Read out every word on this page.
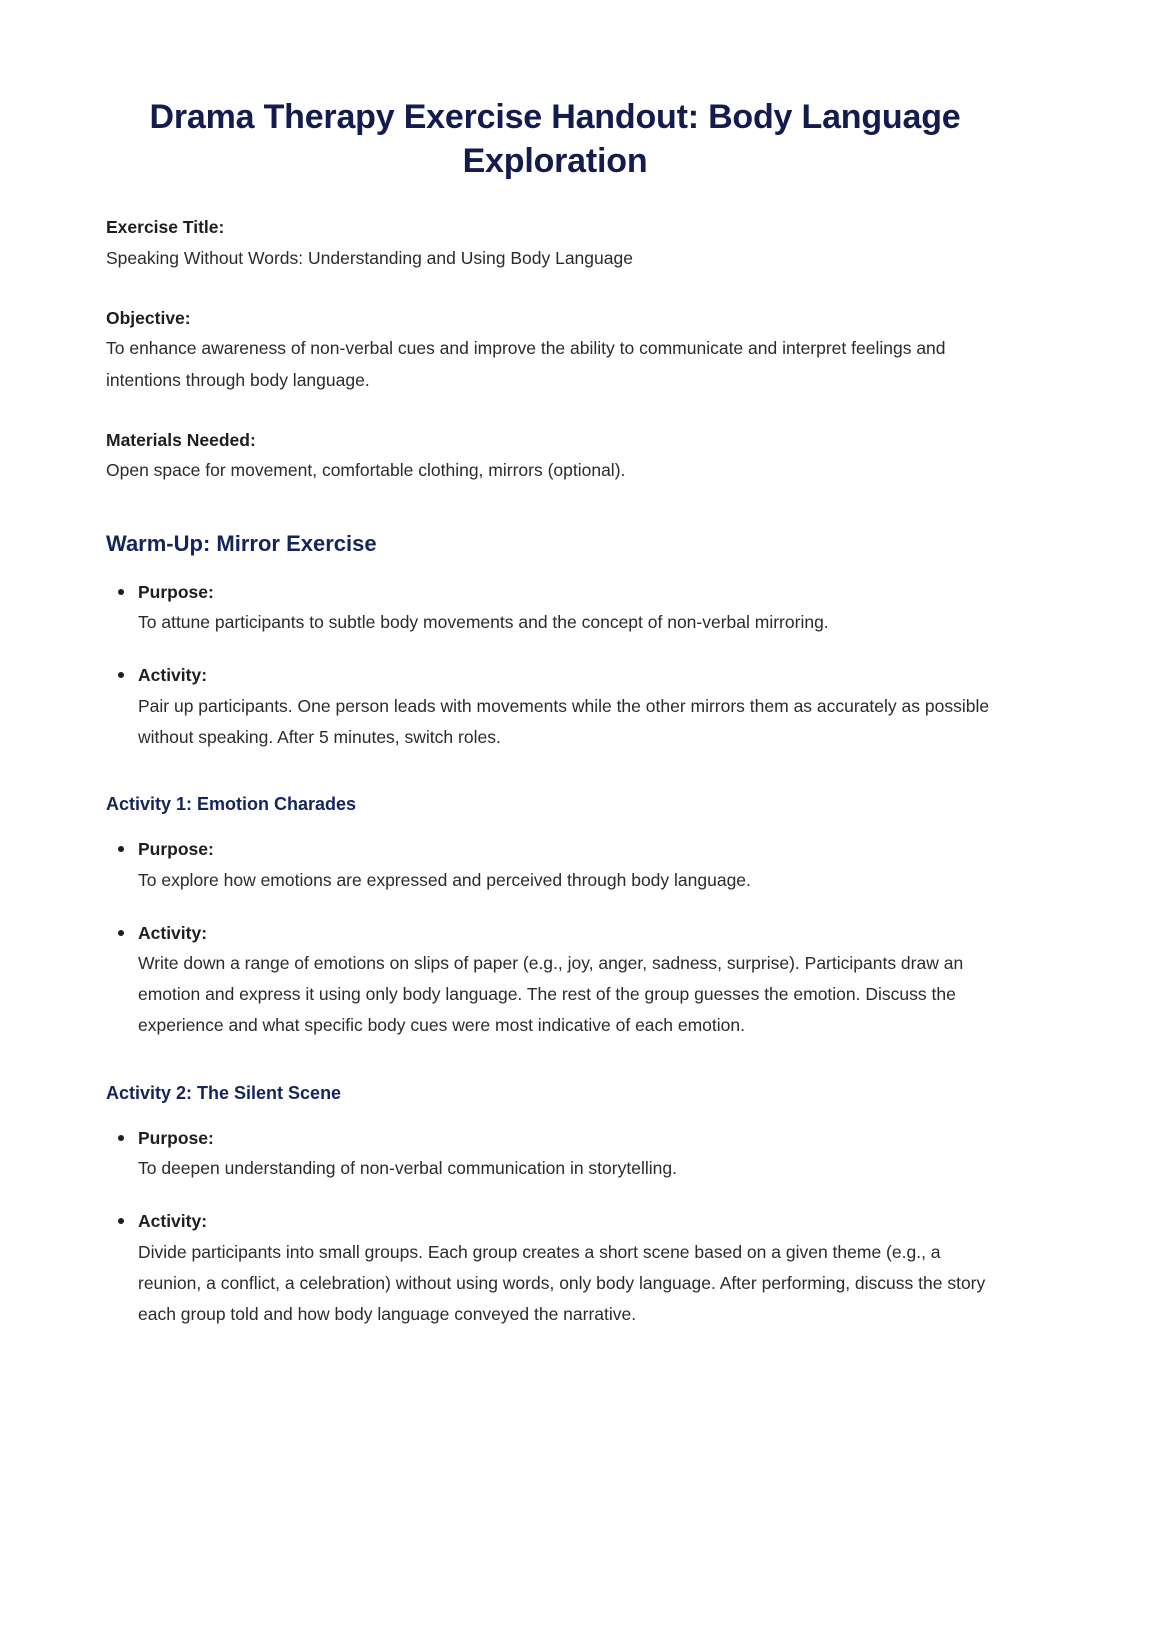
Drama Therapy Exercise Handout: Body Language Exploration
Exercise Title:
Speaking Without Words: Understanding and Using Body Language
Objective:
To enhance awareness of non-verbal cues and improve the ability to communicate and interpret feelings and intentions through body language.
Materials Needed:
Open space for movement, comfortable clothing, mirrors (optional).
Warm-Up: Mirror Exercise
Purpose:
To attune participants to subtle body movements and the concept of non-verbal mirroring.
Activity:
Pair up participants. One person leads with movements while the other mirrors them as accurately as possible without speaking. After 5 minutes, switch roles.
Activity 1: Emotion Charades
Purpose:
To explore how emotions are expressed and perceived through body language.
Activity:
Write down a range of emotions on slips of paper (e.g., joy, anger, sadness, surprise). Participants draw an emotion and express it using only body language. The rest of the group guesses the emotion. Discuss the experience and what specific body cues were most indicative of each emotion.
Activity 2: The Silent Scene
Purpose:
To deepen understanding of non-verbal communication in storytelling.
Activity:
Divide participants into small groups. Each group creates a short scene based on a given theme (e.g., a reunion, a conflict, a celebration) without using words, only body language. After performing, discuss the story each group told and how body language conveyed the narrative.
